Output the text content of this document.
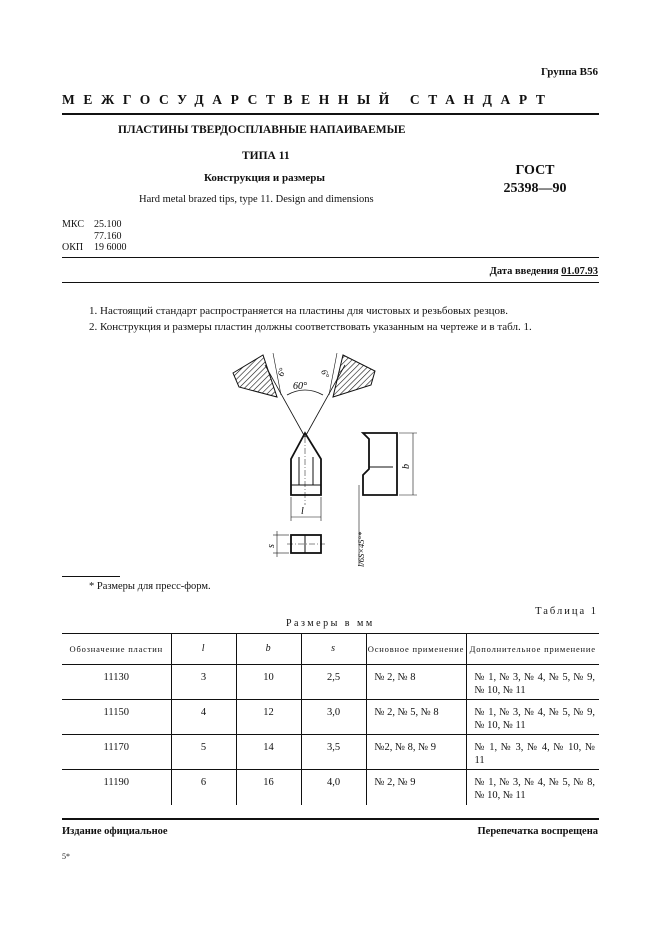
Группа В56
МЕЖГОСУДАРСТВЕННЫЙ СТАНДАРТ
ПЛАСТИНЫ ТВЕРДОСПЛАВНЫЕ НАПАИВАЕМЫЕ
ТИПА 11
Конструкция и размеры
Hard metal brazed tips, type 11. Design and dimensions
ГОСТ
25398—90
МКС	25.100
77.160
ОКП	19 6000
Дата введения 01.07.93
1. Настоящий стандарт распространяется на пластины для чистовых и резьбовых резцов.
2. Конструкция и размеры пластин должны соответствовать указанным на чертеже и в табл. 1.
60°
6°	6°
l
s
b
l/6S×45°*
* Размеры для пресс-форм.
Таблица 1
Размеры в мм
Обозначение пластин	l	b	s	Основное применение	Дополнительное применение
11130	3	10	2,5	№ 2, № 8	№ 1, № 3, № 4, № 5, № 9, № 10, № 11
11150	4	12	3,0	№ 2, № 5, № 8	№ 1, № 3, № 4, № 5, № 9, № 10, № 11
11170	5	14	3,5	№2, № 8, № 9	№ 1, № 3, № 4, № 10, № 11
11190	6	16	4,0	№ 2, № 9	№ 1, № 3, № 4, № 5, № 8, № 10, № 11
Издание официальное	Перепечатка воспрещена
5*
